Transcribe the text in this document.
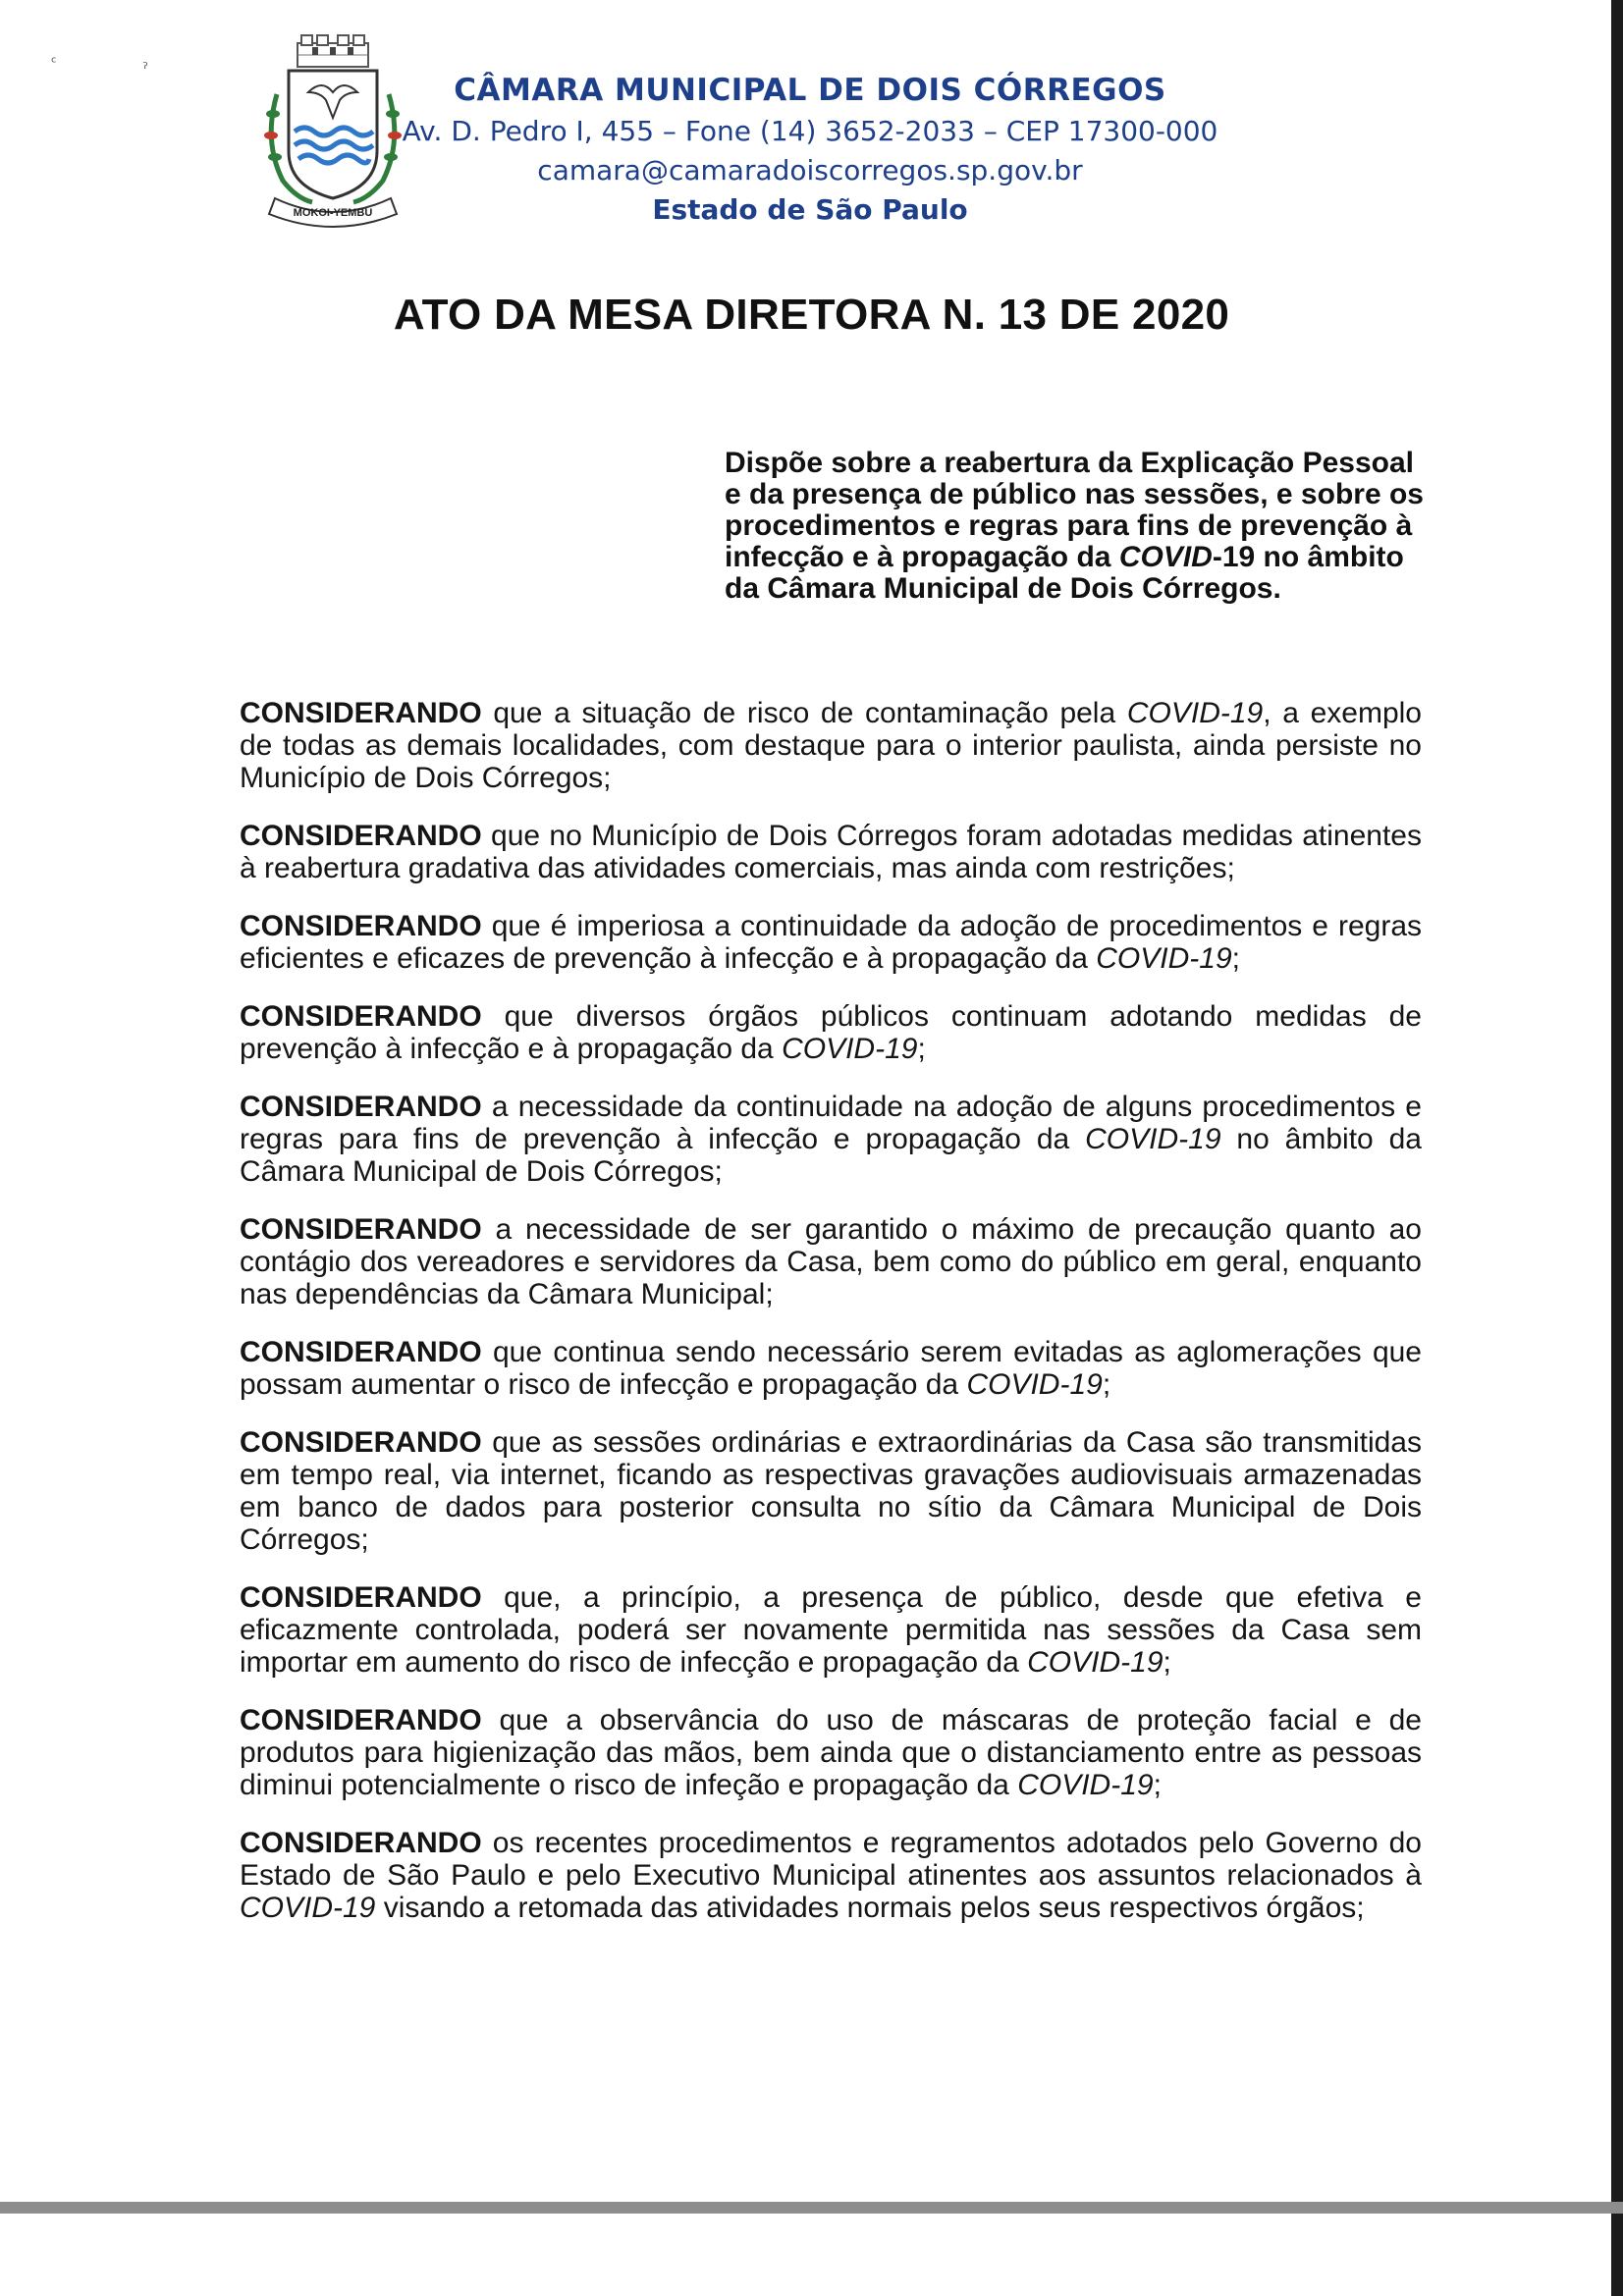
ᶜ	ˀ
MOKOI-YEMBU
CÂMARA MUNICIPAL DE DOIS CÓRREGOS
Av. D. Pedro I, 455 – Fone (14) 3652-2033 – CEP 17300-000
camara@camaradoiscorregos.sp.gov.br
Estado de São Paulo
ATO DA MESA DIRETORA N. 13 DE 2020
Dispõe sobre a reabertura da Explicação Pessoal e da presença de público nas sessões, e sobre os procedimentos e regras para fins de prevenção à infecção e à propagação da COVID-19 no âmbito da Câmara Municipal de Dois Córregos.

CONSIDERANDO que a situação de risco de contaminação pela COVID-19, a exemplo de todas as demais localidades, com destaque para o interior paulista, ainda persiste no Município de Dois Córregos;

CONSIDERANDO que no Município de Dois Córregos foram adotadas medidas atinentes à reabertura gradativa das atividades comerciais, mas ainda com restrições;

CONSIDERANDO que é imperiosa a continuidade da adoção de procedimentos e regras eficientes e eficazes de prevenção à infecção e à propagação da COVID-19;

CONSIDERANDO que diversos órgãos públicos continuam adotando medidas de prevenção à infecção e à propagação da COVID-19;

CONSIDERANDO a necessidade da continuidade na adoção de alguns procedimentos e regras para fins de prevenção à infecção e propagação da COVID-19 no âmbito da Câmara Municipal de Dois Córregos;

CONSIDERANDO a necessidade de ser garantido o máximo de precaução quanto ao contágio dos vereadores e servidores da Casa, bem como do público em geral, enquanto nas dependências da Câmara Municipal;

CONSIDERANDO que continua sendo necessário serem evitadas as aglomerações que possam aumentar o risco de infecção e propagação da COVID-19;

CONSIDERANDO que as sessões ordinárias e extraordinárias da Casa são transmitidas em tempo real, via internet, ficando as respectivas gravações audiovisuais armazenadas em banco de dados para posterior consulta no sítio da Câmara Municipal de Dois Córregos;

CONSIDERANDO que, a princípio, a presença de público, desde que efetiva e eficazmente controlada, poderá ser novamente permitida nas sessões da Casa sem importar em aumento do risco de infecção e propagação da COVID-19;

CONSIDERANDO que a observância do uso de máscaras de proteção facial e de produtos para higienização das mãos, bem ainda que o distanciamento entre as pessoas diminui potencialmente o risco de infeção e propagação da COVID-19;

CONSIDERANDO os recentes procedimentos e regramentos adotados pelo Governo do Estado de São Paulo e pelo Executivo Municipal atinentes aos assuntos relacionados à COVID-19 visando a retomada das atividades normais pelos seus respectivos órgãos;
